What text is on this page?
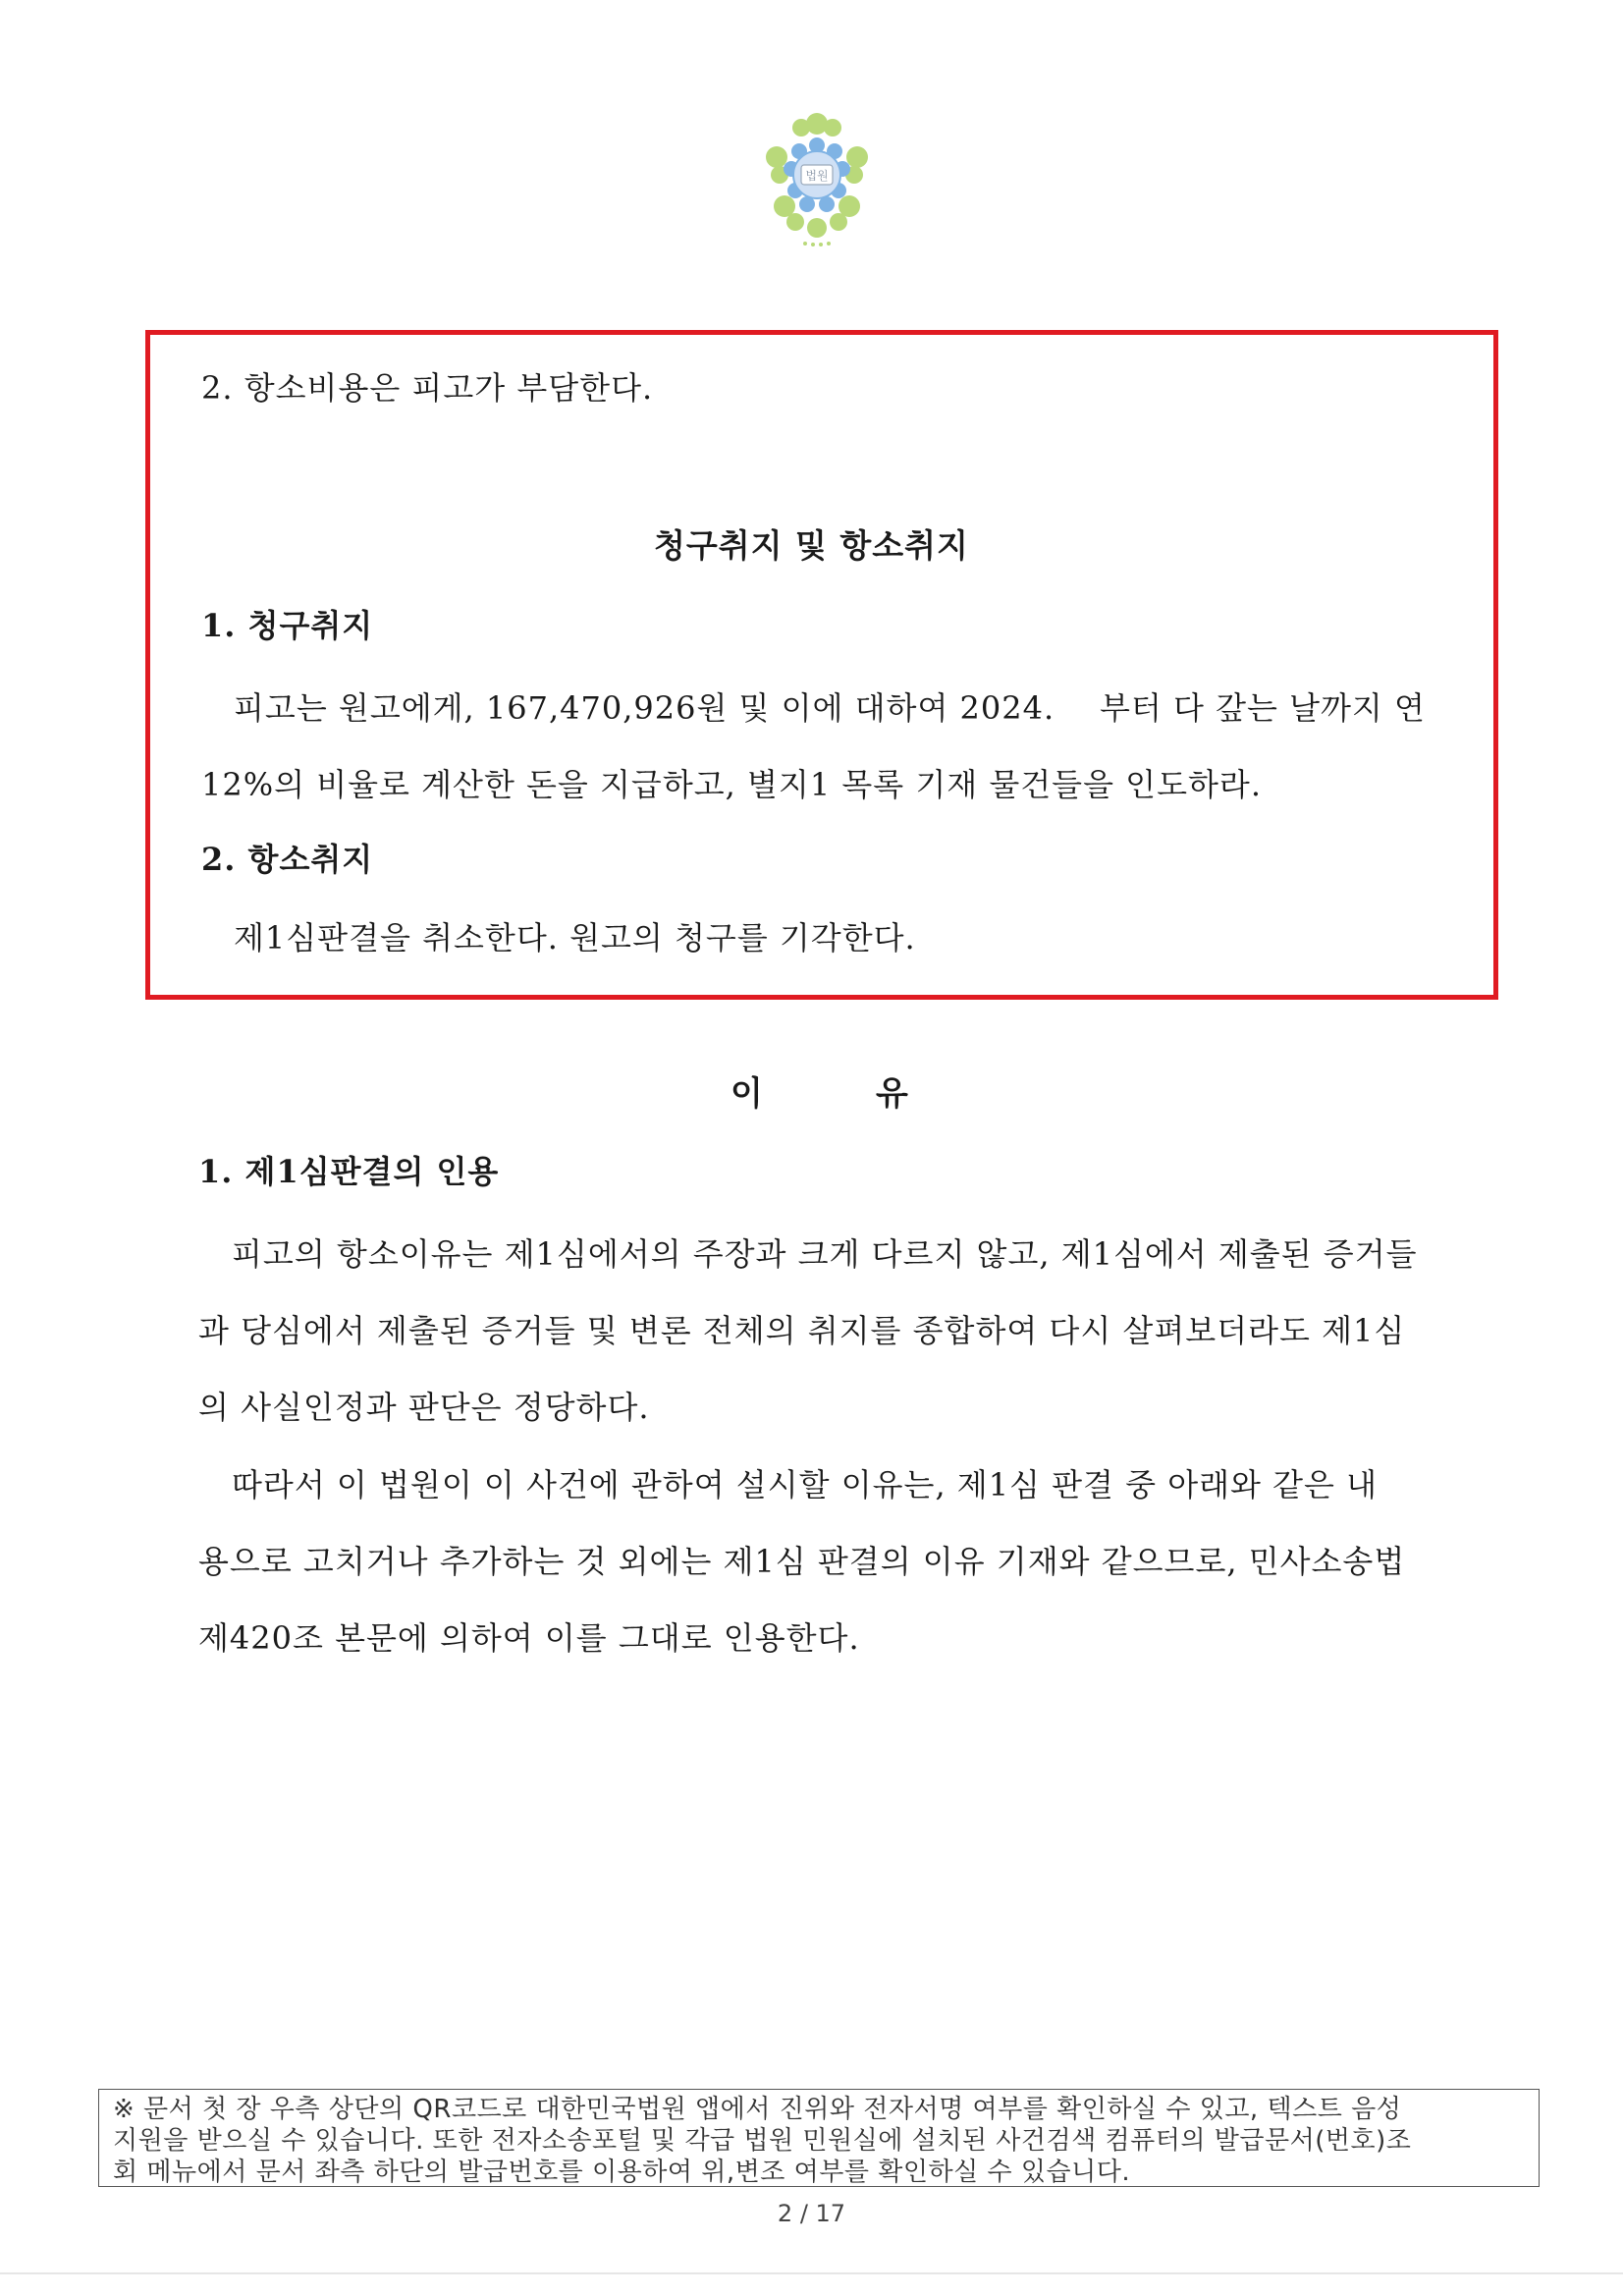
법원
2. 항소비용은 피고가 부담한다.
청구취지 및 항소취지
1. 청구취지
피고는 원고에게, 167,470,926원 및 이에 대하여 2024. 부터 다 갚는 날까지 연
12%의 비율로 계산한 돈을 지급하고, 별지1 목록 기재 물건들을 인도하라.
2. 항소취지
제1심판결을 취소한다. 원고의 청구를 기각한다.
이	유
1. 제1심판결의 인용
피고의 항소이유는 제1심에서의 주장과 크게 다르지 않고, 제1심에서 제출된 증거들
과 당심에서 제출된 증거들 및 변론 전체의 취지를 종합하여 다시 살펴보더라도 제1심
의 사실인정과 판단은 정당하다.
따라서 이 법원이 이 사건에 관하여 설시할 이유는, 제1심 판결 중 아래와 같은 내
용으로 고치거나 추가하는 것 외에는 제1심 판결의 이유 기재와 같으므로, 민사소송법
제420조 본문에 의하여 이를 그대로 인용한다.
※ 문서 첫 장 우측 상단의 QR코드로 대한민국법원 앱에서 진위와 전자서명 여부를 확인하실 수 있고, 텍스트 음성
지원을 받으실 수 있습니다. 또한 전자소송포털 및 각급 법원 민원실에 설치된 사건검색 컴퓨터의 발급문서(번호)조
회 메뉴에서 문서 좌측 하단의 발급번호를 이용하여 위,변조 여부를 확인하실 수 있습니다.
2 / 17
